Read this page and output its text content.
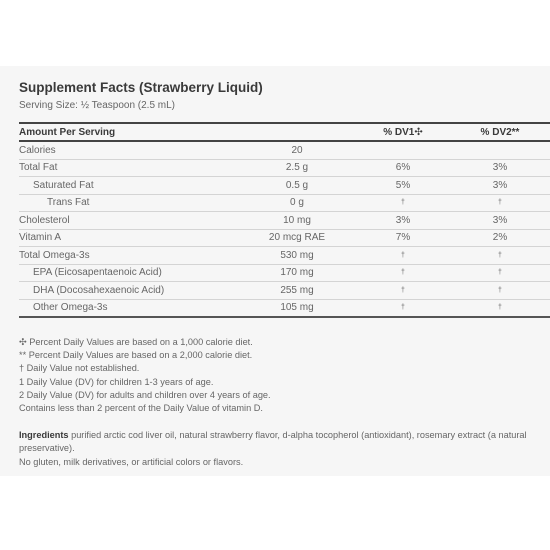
Supplement Facts (Strawberry Liquid)
Serving Size: ½ Teaspoon (2.5 mL)
Amount Per Serving		% DV1✣	% DV2**
Calories	20		
Total Fat	2.5 g	6%	3%
Saturated Fat	0.5 g	5%	3%
Trans Fat	0 g	†	†
Cholesterol	10 mg	3%	3%
Vitamin A	20 mcg RAE	7%	2%
Total Omega-3s	530 mg	†	†
EPA (Eicosapentaenoic Acid)	170 mg	†	†
DHA (Docosahexaenoic Acid)	255 mg	†	†
Other Omega-3s	105 mg	†	†
✣ Percent Daily Values are based on a 1,000 calorie diet.
** Percent Daily Values are based on a 2,000 calorie diet.
† Daily Value not established.
1 Daily Value (DV) for children 1-3 years of age.
2 Daily Value (DV) for adults and children over 4 years of age.
Contains less than 2 percent of the Daily Value of vitamin D.
Ingredients purified arctic cod liver oil, natural strawberry flavor, d-alpha tocopherol (antioxidant), rosemary extract (a natural preservative).
No gluten, milk derivatives, or artificial colors or flavors.
